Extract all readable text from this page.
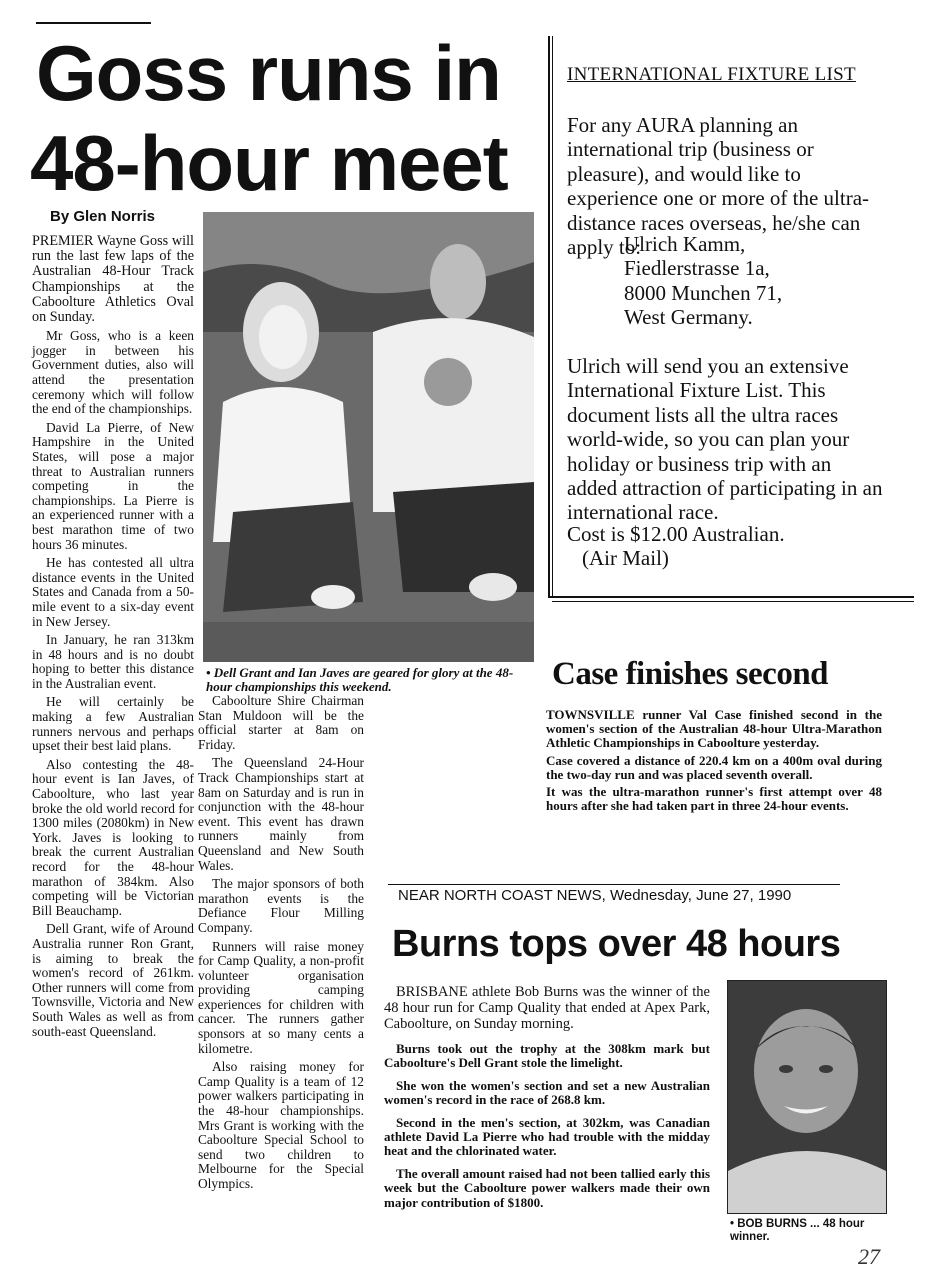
Goss runs in
48-hour meet
By Glen Norris

PREMIER Wayne Goss will run the last few laps of the Australian 48-Hour Track Championships at the Caboolture Athletics Oval on Sunday.

Mr Goss, who is a keen jogger in between his Government duties, also will attend the presentation ceremony which will follow the end of the championships.

David La Pierre, of New Hampshire in the United States, will pose a major threat to Australian runners competing in the championships. La Pierre is an experienced runner with a best marathon time of two hours 36 minutes.

He has contested all ultra distance events in the United States and Canada from a 50-mile event to a six-day event in New Jersey.

In January, he ran 313km in 48 hours and is no doubt hoping to better this distance in the Australian event.

He will certainly be making a few Australian runners nervous and perhaps upset their best laid plans.

Also contesting the 48-hour event is Ian Javes, of Caboolture, who last year broke the old world record for 1300 miles (2080km) in New York. Javes is looking to break the current Australian record for the 48-hour marathon of 384km. Also competing will be Victorian Bill Beauchamp.

Dell Grant, wife of Around Australia runner Ron Grant, is aiming to break the women's record of 261km. Other runners will come from Townsville, Victoria and New South Wales as well as from south-east Queensland.

• Dell Grant and Ian Javes are geared for glory at the 48-hour championships this weekend.

Caboolture Shire Chairman Stan Muldoon will be the official starter at 8am on Friday.

The Queensland 24-Hour Track Championships start at 8am on Saturday and is run in conjunction with the 48-hour event. This event has drawn runners mainly from Queensland and New South Wales.

The major sponsors of both marathon events is the Defiance Flour Milling Company.

Runners will raise money for Camp Quality, a non-profit volunteer organisation providing camping experiences for children with cancer. The runners gather sponsors at so many cents a kilometre.

Also raising money for Camp Quality is a team of 12 power walkers participating in the 48-hour championships. Mrs Grant is working with the Caboolture Special School to send two children to Melbourne for the Special Olympics.

INTERNATIONAL FIXTURE LIST
For any AURA planning an international trip (business or pleasure), and would like to experience one or more of the ultra-distance races overseas, he/she can apply to:

Ulrich Kamm,

Fiedlerstrasse 1a,

8000 Munchen 71,

West Germany.

Ulrich will send you an extensive International Fixture List. This document lists all the ultra races world-wide, so you can plan your holiday or business trip with an added attraction of participating in an international race.
Cost is $12.00 Australian.
(Air Mail)
Case finishes second

TOWNSVILLE runner Val Case finished second in the women's section of the Australian 48-hour Ultra-Marathon Athletic Championships in Caboolture yesterday.

Case covered a distance of 220.4 km on a 400m oval during the two-day run and was placed seventh overall.

It was the ultra-marathon runner's first attempt over 48 hours after she had taken part in three 24-hour events.

NEAR NORTH COAST NEWS, Wednesday, June 27, 1990
Burns tops over 48 hours

BRISBANE athlete Bob Burns was the winner of the 48 hour run for Camp Quality that ended at Apex Park, Caboolture, on Sunday morning.

Burns took out the trophy at the 308km mark but Caboolture's Dell Grant stole the limelight.

She won the women's section and set a new Australian women's record in the race of 268.8 km.

Second in the men's section, at 302km, was Canadian athlete David La Pierre who had trouble with the midday heat and the chlorinated water.

The overall amount raised had not been tallied early this week but the Caboolture power walkers made their own major contribution of $1800.

• BOB BURNS ... 48 hour winner.
27
